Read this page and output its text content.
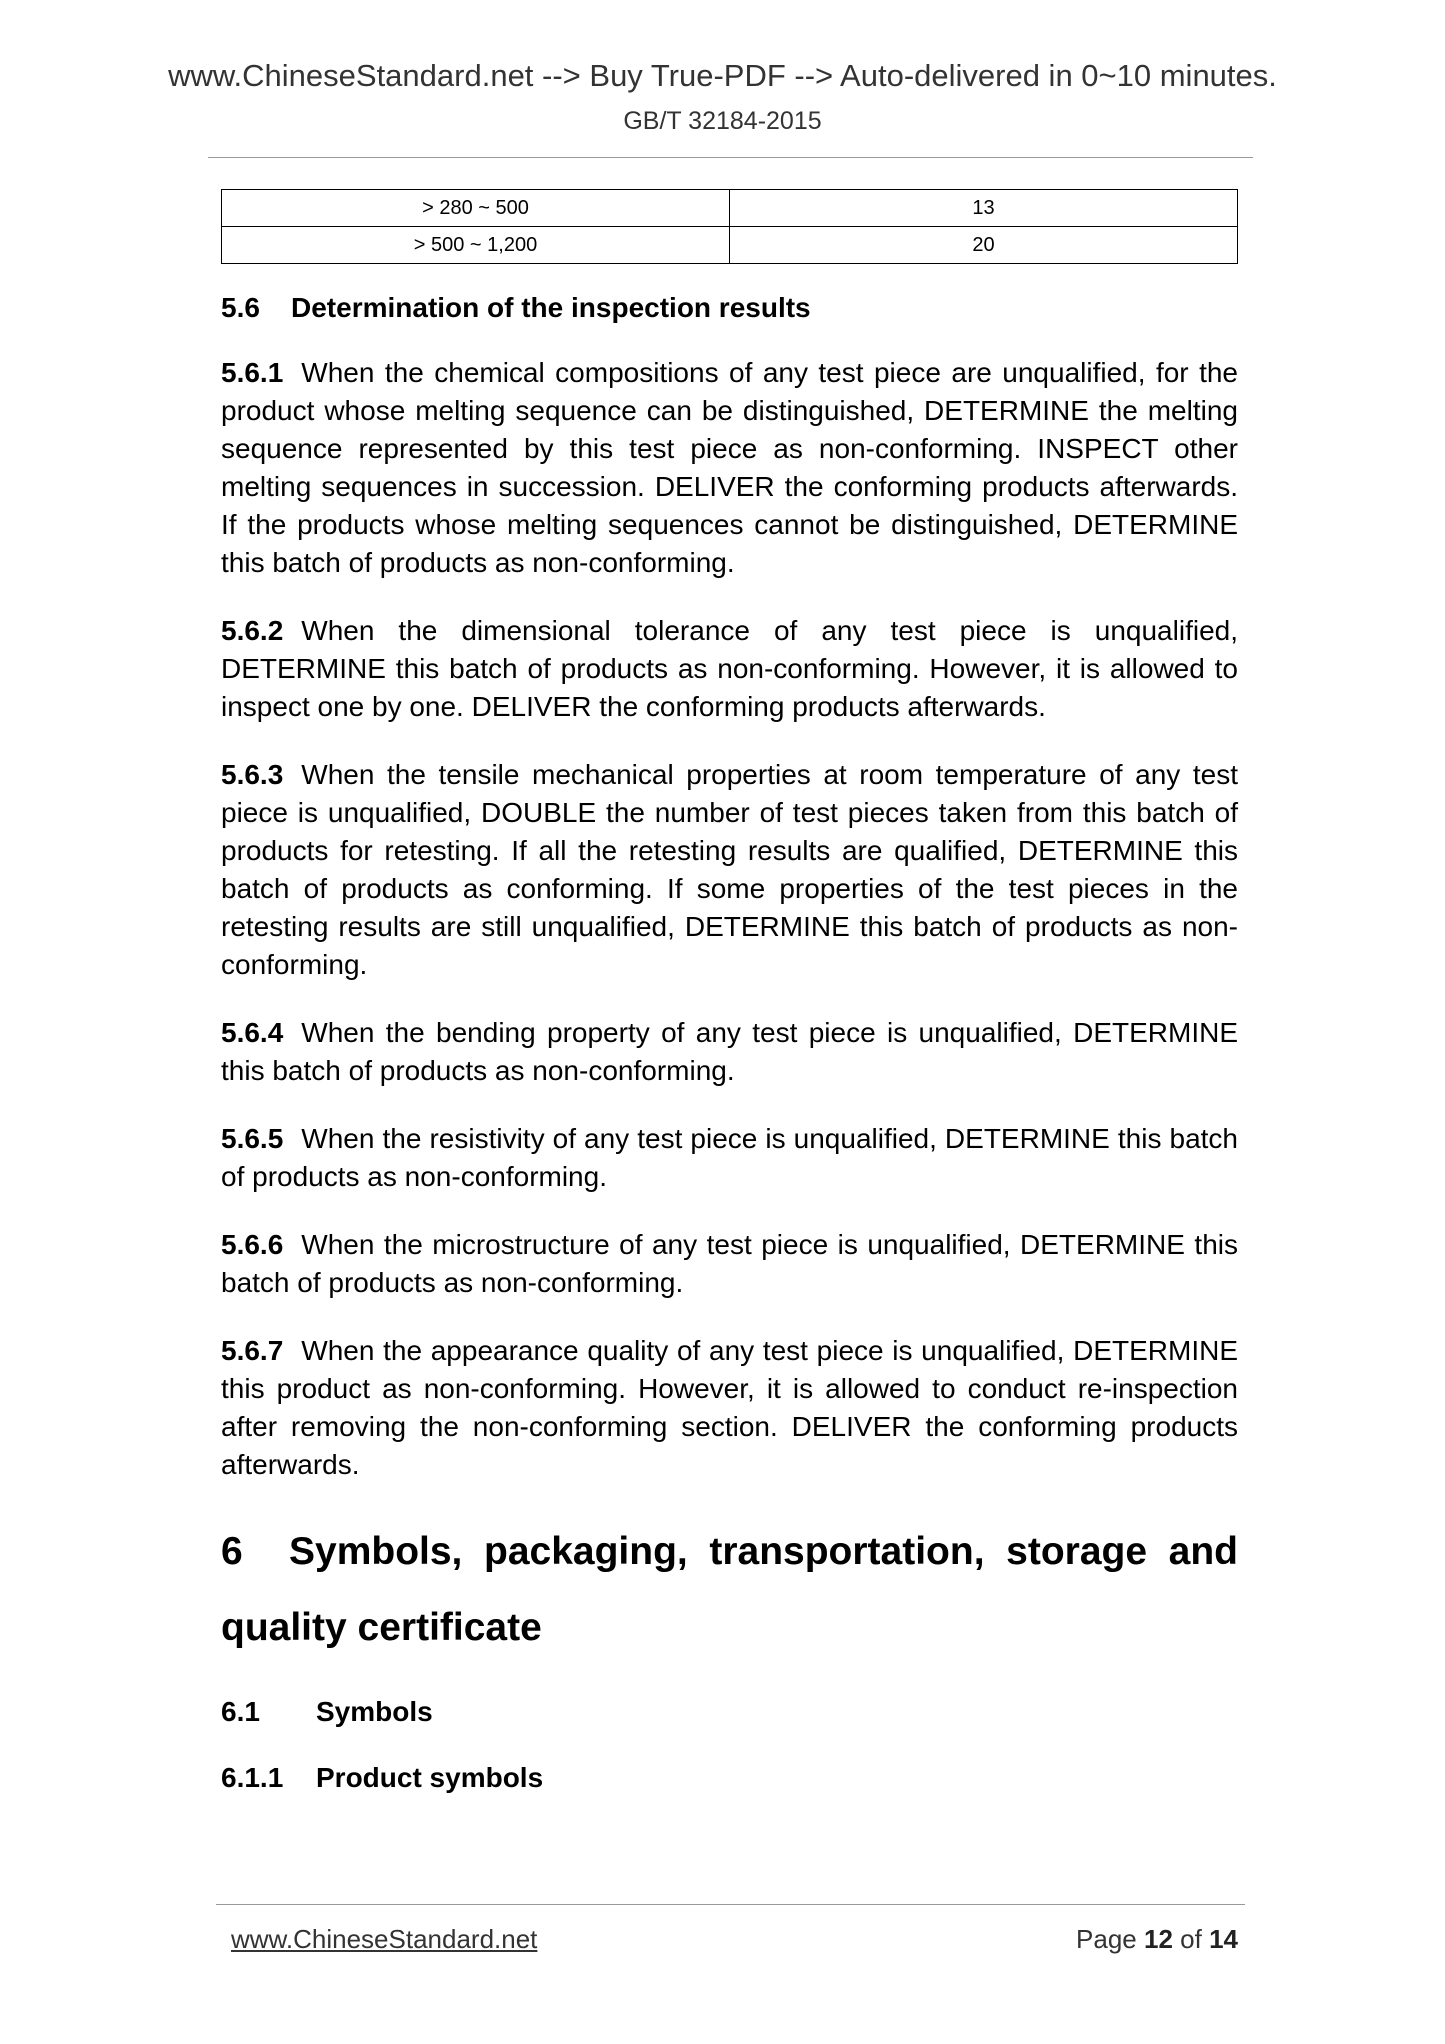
www.ChineseStandard.net --> Buy True-PDF --> Auto-delivered in 0~10 minutes.
GB/T 32184-2015
> 280 ~ 500	13
> 500 ~ 1,200	20
5.6 Determination of the inspection results

5.6.1 When the chemical compositions of any test piece are unqualified, for the product whose melting sequence can be distinguished, DETERMINE the melting sequence represented by this test piece as non-conforming. INSPECT other melting sequences in succession. DELIVER the conforming products afterwards. If the products whose melting sequences cannot be distinguished, DETERMINE this batch of products as non-conforming.

5.6.2 When the dimensional tolerance of any test piece is unqualified, DETERMINE this batch of products as non-conforming. However, it is allowed to inspect one by one. DELIVER the conforming products afterwards.

5.6.3 When the tensile mechanical properties at room temperature of any test piece is unqualified, DOUBLE the number of test pieces taken from this batch of products for retesting. If all the retesting results are qualified, DETERMINE this batch of products as conforming. If some properties of the test pieces in the retesting results are still unqualified, DETERMINE this batch of products as non-conforming.

5.6.4 When the bending property of any test piece is unqualified, DETERMINE this batch of products as non-conforming.

5.6.5 When the resistivity of any test piece is unqualified, DETERMINE this batch of products as non-conforming.

5.6.6 When the microstructure of any test piece is unqualified, DETERMINE this batch of products as non-conforming.

5.6.7 When the appearance quality of any test piece is unqualified, DETERMINE this product as non-conforming. However, it is allowed to conduct re-inspection after removing the non-conforming section. DELIVER the conforming products afterwards.

6 Symbols, packaging, transportation, storage and quality certificate
6.1 Symbols
6.1.1 Product symbols
www.ChineseStandard.net	Page 12 of 14
